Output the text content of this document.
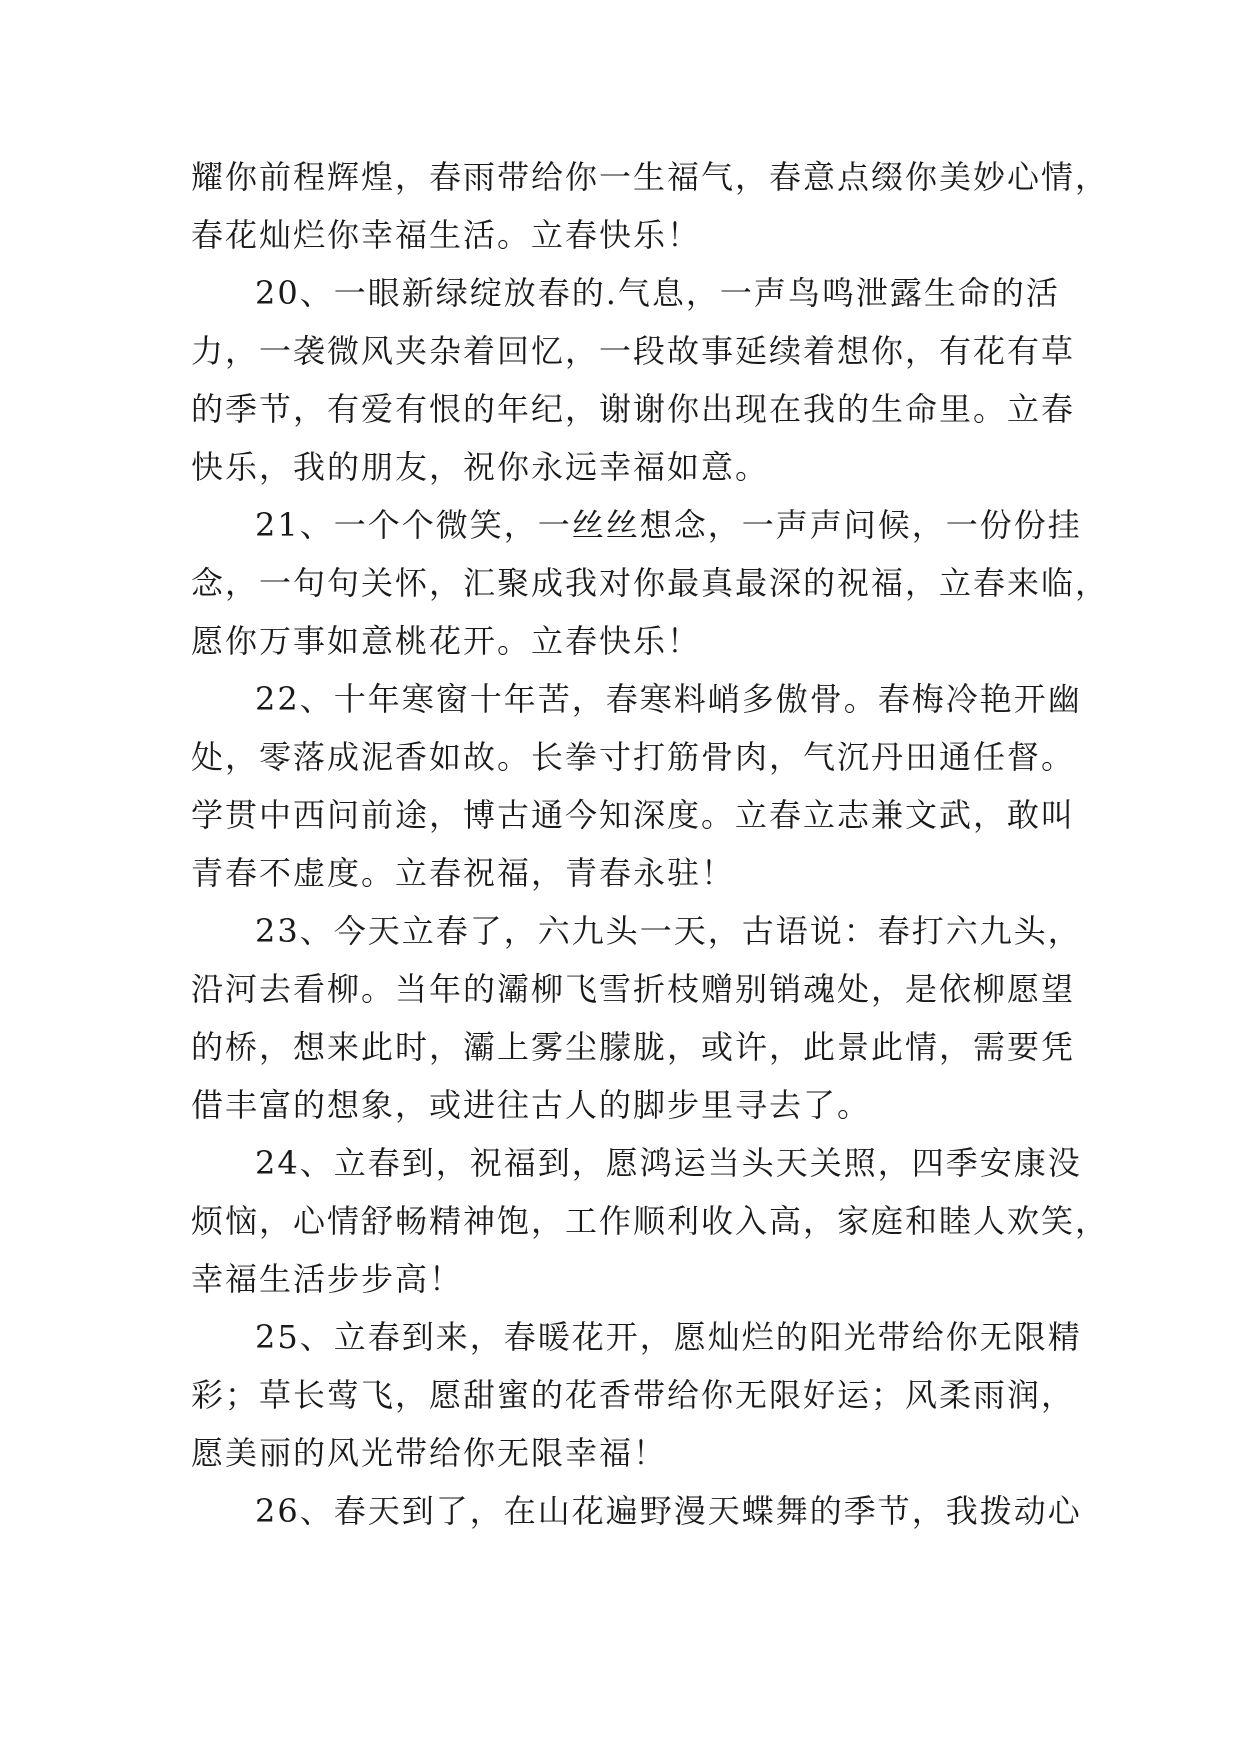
耀你前程辉煌，春雨带给你一生福气，春意点缀你美妙心情，
春花灿烂你幸福生活。立春快乐！
20、一眼新绿绽放春的.气息，一声鸟鸣泄露生命的活
力，一袭微风夹杂着回忆，一段故事延续着想你，有花有草
的季节，有爱有恨的年纪，谢谢你出现在我的生命里。立春
快乐，我的朋友，祝你永远幸福如意。
21、一个个微笑，一丝丝想念，一声声问候，一份份挂
念，一句句关怀，汇聚成我对你最真最深的祝福，立春来临，
愿你万事如意桃花开。立春快乐！
22、十年寒窗十年苦，春寒料峭多傲骨。春梅冷艳开幽
处，零落成泥香如故。长拳寸打筋骨肉，气沉丹田通任督。
学贯中西问前途，博古通今知深度。立春立志兼文武，敢叫
青春不虚度。立春祝福，青春永驻！
23、今天立春了，六九头一天，古语说：春打六九头，
沿河去看柳。当年的灞柳飞雪折枝赠别销魂处，是依柳愿望
的桥，想来此时，灞上雾尘朦胧，或许，此景此情，需要凭
借丰富的想象，或进往古人的脚步里寻去了。
24、立春到，祝福到，愿鸿运当头天关照，四季安康没
烦恼，心情舒畅精神饱，工作顺利收入高，家庭和睦人欢笑，
幸福生活步步高！
25、立春到来，春暖花开，愿灿烂的阳光带给你无限精
彩；草长莺飞，愿甜蜜的花香带给你无限好运；风柔雨润，
愿美丽的风光带给你无限幸福！
26、春天到了，在山花遍野漫天蝶舞的季节，我拨动心
